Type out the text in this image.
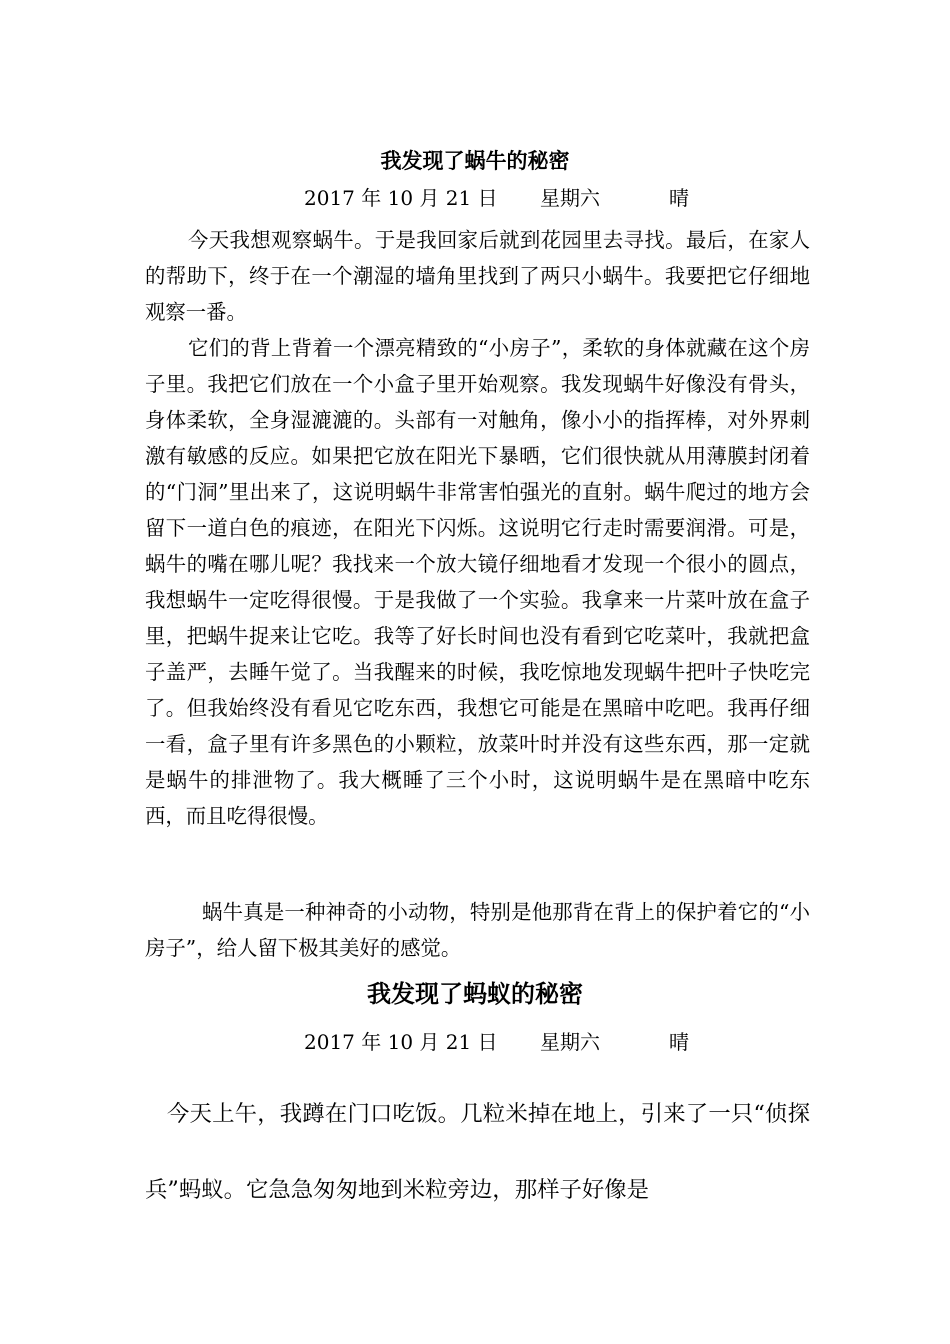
我发现了蜗牛的秘密
2017 年 10 月 21 日 星期六	晴
今天我想观察蜗牛。于是我回家后就到花园里去寻找。最后，在家人的帮助下，终于在一个潮湿的墙角里找到了两只小蜗牛。我要把它仔细地观察一番。
它们的背上背着一个漂亮精致的“小房子”，柔软的身体就藏在这个房子里。我把它们放在一个小盒子里开始观察。我发现蜗牛好像没有骨头，身体柔软，全身湿漉漉的。头部有一对触角，像小小的指挥棒，对外界刺激有敏感的反应。如果把它放在阳光下暴晒，它们很快就从用薄膜封闭着的“门洞”里出来了，这说明蜗牛非常害怕强光的直射。蜗牛爬过的地方会留下一道白色的痕迹，在阳光下闪烁。这说明它行走时需要润滑。可是，蜗牛的嘴在哪儿呢？我找来一个放大镜仔细地看才发现一个很小的圆点，我想蜗牛一定吃得很慢。于是我做了一个实验。我拿来一片菜叶放在盒子里，把蜗牛捉来让它吃。我等了好长时间也没有看到它吃菜叶，我就把盒子盖严，去睡午觉了。当我醒来的时候，我吃惊地发现蜗牛把叶子快吃完了。但我始终没有看见它吃东西，我想它可能是在黑暗中吃吧。我再仔细一看，盒子里有许多黑色的小颗粒，放菜叶时并没有这些东西，那一定就是蜗牛的排泄物了。我大概睡了三个小时，这说明蜗牛是在黑暗中吃东西，而且吃得很慢。
蜗牛真是一种神奇的小动物，特别是他那背在背上的保护着它的“小房子”，给人留下极其美好的感觉。
我发现了蚂蚁的秘密
2017 年 10 月 21 日 星期六	晴
今天上午，我蹲在门口吃饭。几粒米掉在地上，引来了一只“侦探兵”蚂蚁。它急急匆匆地到米粒旁边，那样子好像是
